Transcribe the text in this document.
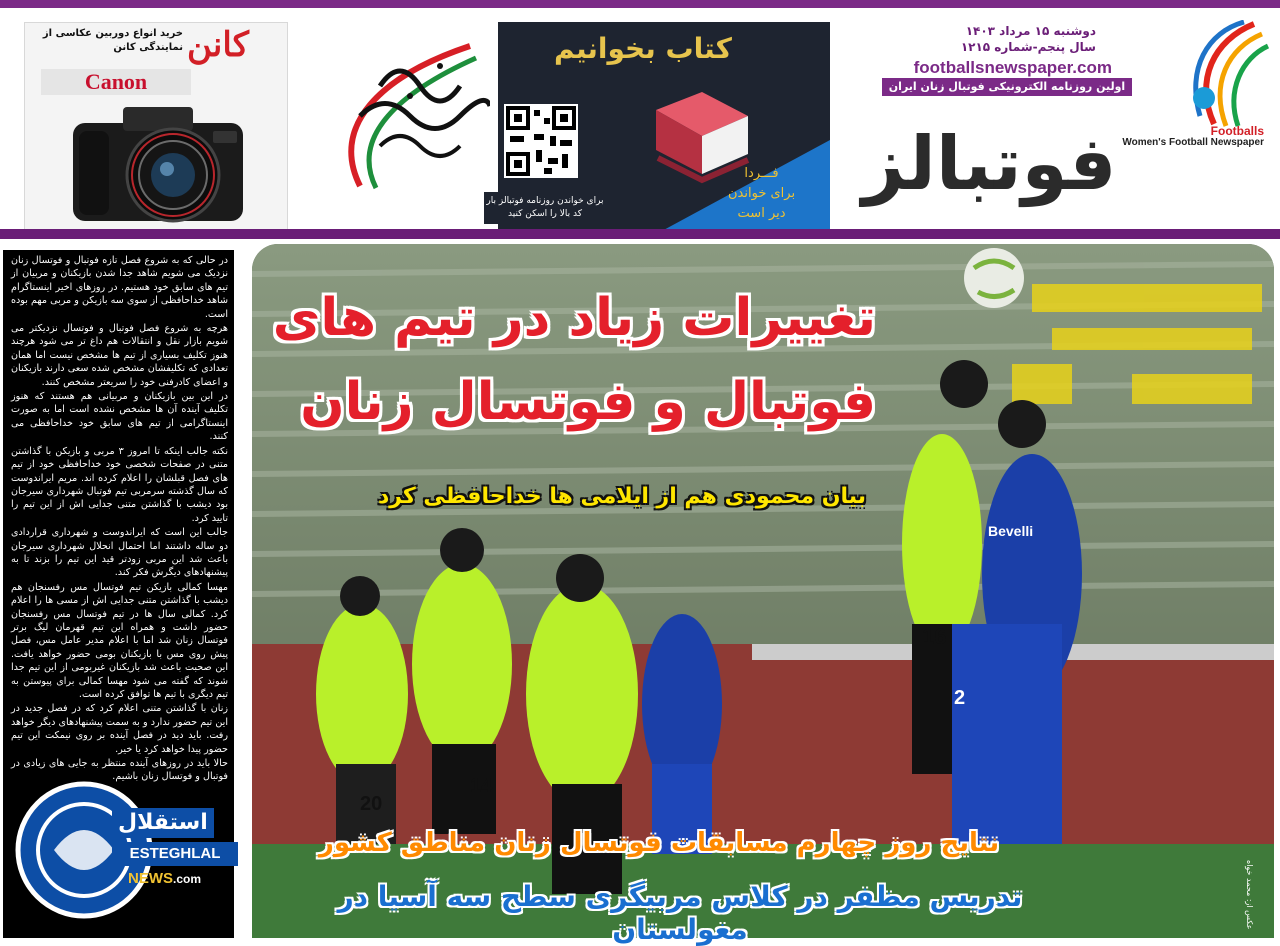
خرید انواع دوربین عکاسی از نمایندگی کانن کانن
Canon
کتاب بخوانیم
فـــردا
برای خواندن
دیر است
برای خواندن روزنامه فوتبالز بار کد بالا را اسکن کنید
دوشنبه ۱۵ مرداد ۱۴۰۳
سال پنجم-شماره ۱۲۱۵
footballsnewspaper.com
اولین روزنامه الکترونیکی فوتبال زنان ایران
فوتبالز	Footballs
Women's Football Newspaper

در حالی که به شروع فصل تازه فوتبال و فوتسال زنان نزدیک می شویم شاهد جدا شدن بازیکنان و مربیان از تیم های سابق خود هستیم. در روزهای اخیر اینستاگرام شاهد خداحافظی از سوی سه بازیکن و مربی مهم بوده است.

هرچه به شروع فصل فوتبال و فوتسال نزدیکتر می شویم بازار نقل و انتقالات هم داغ تر می شود هرچند هنوز تکلیف بسیاری از تیم ها مشخص نیست اما همان تعدادی که تکلیفشان مشخص شده سعی دارند بازیکنان و اعضای کادرفنی خود را سریعتر مشخص کنند.

در این بین بازیکنان و مربیانی هم هستند که هنوز تکلیف آینده آن ها مشخص نشده است اما به صورت اینستاگرامی از تیم های سابق خود خداحافظی می کنند.

نکته جالب اینکه تا امروز ۳ مربی و بازیکن با گذاشتن متنی در صفحات شخصی خود خداحافظی خود از تیم های فصل قبلشان را اعلام کرده اند. مریم ایراندوست که سال گذشته سرمربی تیم فوتبال شهرداری سیرجان بود دیشب با گذاشتن متنی جدایی اش از این تیم را تایید کرد.

جالب این است که ایراندوست و شهرداری قراردادی دو ساله داشتند اما احتمال انحلال شهرداری سیرجان باعث شد این مربی زودتر قید این تیم را بزند تا به پیشنهادهای دیگرش فکر کند.

مهسا کمالی بازیکن تیم فوتسال مس رفسنجان هم دیشب با گذاشتن متنی جدایی اش از مسی ها را اعلام کرد. کمالی سال ها در تیم فوتسال مس رفسنجان حضور داشت و همراه این تیم قهرمان لیگ برتر فوتسال زنان شد اما با اعلام مدیر عامل مس، فصل پیش روی مس با بازیکنان بومی حضور خواهد یافت. این صحبت باعث شد بازیکنان غیربومی از این تیم جدا شوند که گفته می شود مهسا کمالی برای پیوستن به تیم دیگری با تیم ها توافق کرده است.

زنان با گذاشتن متنی اعلام کرد که در فصل جدید در این تیم حضور ندارد و به سمت پیشنهادهای دیگر خواهد رفت. باید دید در فصل آینده بر روی نیمکت این تیم حضور پیدا خواهد کرد یا خیر.

حالا باید در روزهای آینده منتظر به جایی های زیادی در فوتبال و فوتسال زنان باشیم.

استقلال
ESTEGHLAL
NEWS.com
16
20
14
2
Bevelli
تغییرات زیاد در تیم های فوتبال و فوتسال زنان
بیان محمودی هم از ایلامی ها خداحافظی کرد
نتایج روز چهارم مسابقات فوتسال زنان مناطق کشور
تدریس مظفر در کلاس مربیگری سطح سه آسیا در مغولستان	عکس از: محمد خواه
